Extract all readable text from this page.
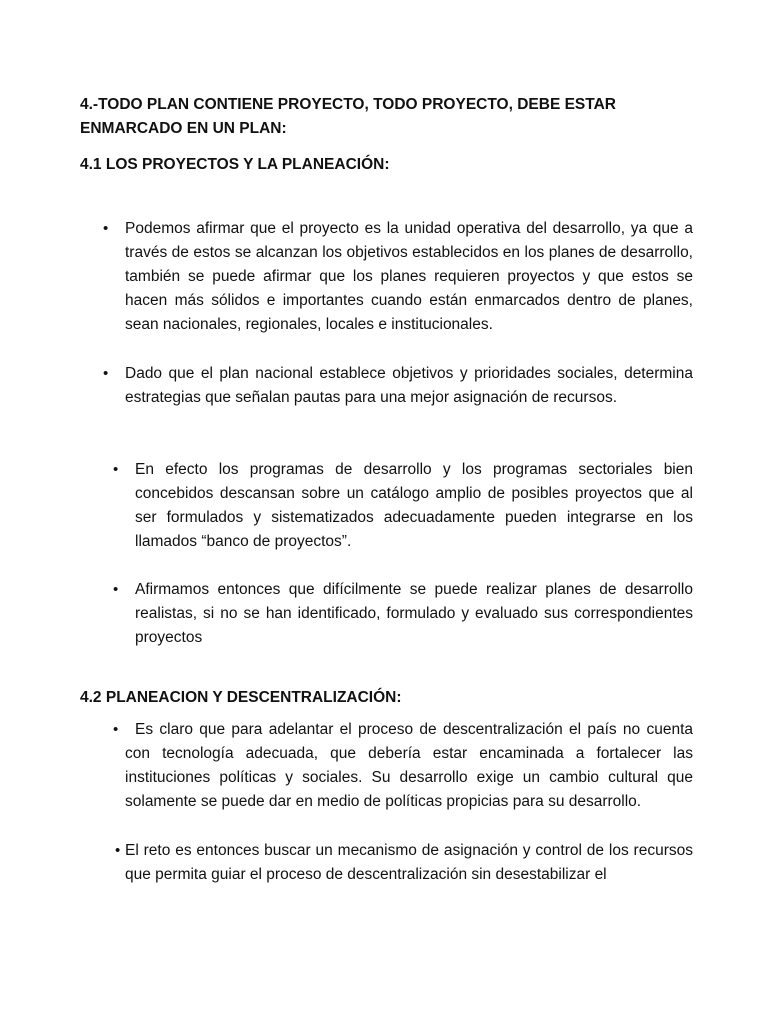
4.-TODO PLAN CONTIENE PROYECTO, TODO PROYECTO, DEBE ESTAR ENMARCADO EN UN PLAN:
4.1 LOS PROYECTOS Y LA PLANEACIÓN:
• Podemos afirmar que el proyecto es la unidad operativa del desarrollo, ya que a través de estos se alcanzan los objetivos establecidos en los planes de desarrollo, también se puede afirmar que los planes requieren proyectos y que estos se hacen más sólidos e importantes cuando están enmarcados dentro de planes, sean nacionales, regionales, locales e institucionales.
• Dado que el plan nacional establece objetivos y prioridades sociales, determina estrategias que señalan pautas para una mejor asignación de recursos.
• En efecto los programas de desarrollo y los programas sectoriales bien concebidos descansan sobre un catálogo amplio de posibles proyectos que al ser formulados y sistematizados adecuadamente pueden integrarse en los llamados “banco de proyectos”.
• Afirmamos entonces que difícilmente se puede realizar planes de desarrollo realistas, si no se han identificado, formulado y evaluado sus correspondientes proyectos
4.2 PLANEACION Y DESCENTRALIZACIÓN:
•	Es claro que para adelantar el proceso de descentralización el país no cuenta con tecnología adecuada, que debería estar encaminada a fortalecer las instituciones políticas y sociales. Su desarrollo exige un cambio cultural que solamente se puede dar en medio de políticas propicias para su desarrollo.
• El reto es entonces buscar un mecanismo de asignación y control de los recursos que permita guiar el proceso de descentralización sin desestabilizar el
